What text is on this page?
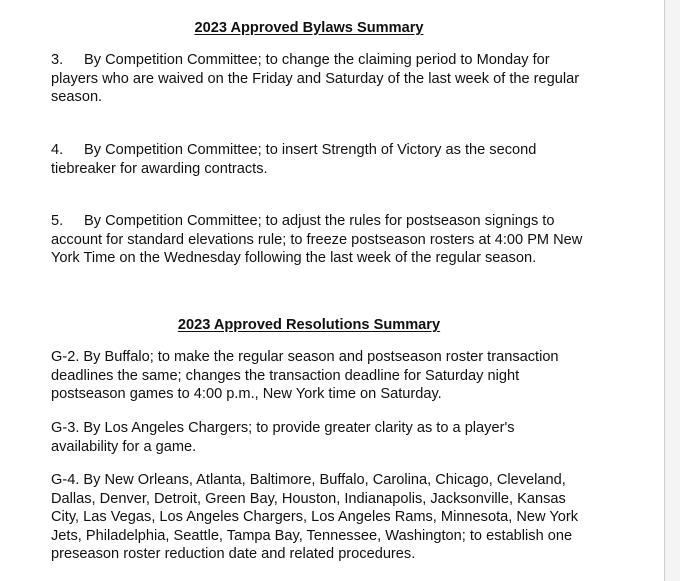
2023 Approved Bylaws Summary
3. By Competition Committee; to change the claiming period to Monday for
players who are waived on the Friday and Saturday of the last week of the regular
season.
4. By Competition Committee; to insert Strength of Victory as the second
tiebreaker for awarding contracts.
5. By Competition Committee; to adjust the rules for postseason signings to
account for standard elevations rule; to freeze postseason rosters at 4:00 PM New
York Time on the Wednesday following the last week of the regular season.
2023 Approved Resolutions Summary
G-2. By Buffalo; to make the regular season and postseason roster transaction
deadlines the same; changes the transaction deadline for Saturday night
postseason games to 4:00 p.m., New York time on Saturday.
G-3. By Los Angeles Chargers; to provide greater clarity as to a player's
availability for a game.
G-4. By New Orleans, Atlanta, Baltimore, Buffalo, Carolina, Chicago, Cleveland,
Dallas, Denver, Detroit, Green Bay, Houston, Indianapolis, Jacksonville, Kansas
City, Las Vegas, Los Angeles Chargers, Los Angeles Rams, Minnesota, New York
Jets, Philadelphia, Seattle, Tampa Bay, Tennessee, Washington; to establish one
preseason roster reduction date and related procedures.
